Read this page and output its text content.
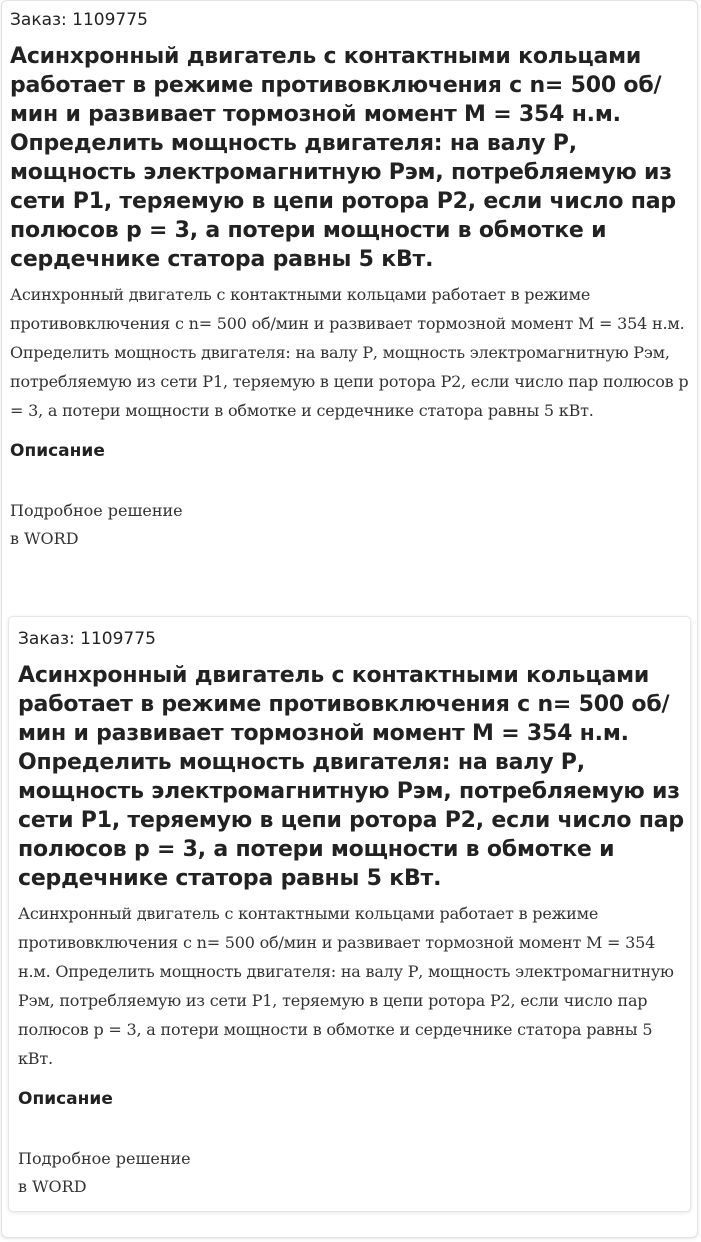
Заказ: 1109775
Асинхронный двигатель с контактными кольцами работает в режиме противовключения с n= 500 об/мин и развивает тормозной момент М = 354 н.м. Определить мощность двигателя: на валу Р, мощность электромагнитную Рэм, потребляемую из сети Р1, теряемую в цепи ротора Р2, если число пар полюсов р = 3, а потери мощности в обмотке и сердечнике статора равны 5 кВт.
Асинхронный двигатель с контактными кольцами работает в режиме противовключения с n= 500 об/мин и развивает тормозной момент М = 354 н.м. Определить мощность двигателя: на валу Р, мощность электромагнитную Рэм, потребляемую из сети Р1, теряемую в цепи ротора Р2, если число пар полюсов р = 3, а потери мощности в обмотке и сердечнике статора равны 5 кВт.
Описание
Подробное решение в WORD
Заказ: 1109775
Асинхронный двигатель с контактными кольцами работает в режиме противовключения с n= 500 об/мин и развивает тормозной момент М = 354 н.м. Определить мощность двигателя: на валу Р, мощность электромагнитную Рэм, потребляемую из сети Р1, теряемую в цепи ротора Р2, если число пар полюсов р = 3, а потери мощности в обмотке и сердечнике статора равны 5 кВт.
Асинхронный двигатель с контактными кольцами работает в режиме противовключения с n= 500 об/мин и развивает тормозной момент М = 354 н.м. Определить мощность двигателя: на валу Р, мощность электромагнитную Рэм, потребляемую из сети Р1, теряемую в цепи ротора Р2, если число пар полюсов р = 3, а потери мощности в обмотке и сердечнике статора равны 5 кВт.
Описание
Подробное решение в WORD
